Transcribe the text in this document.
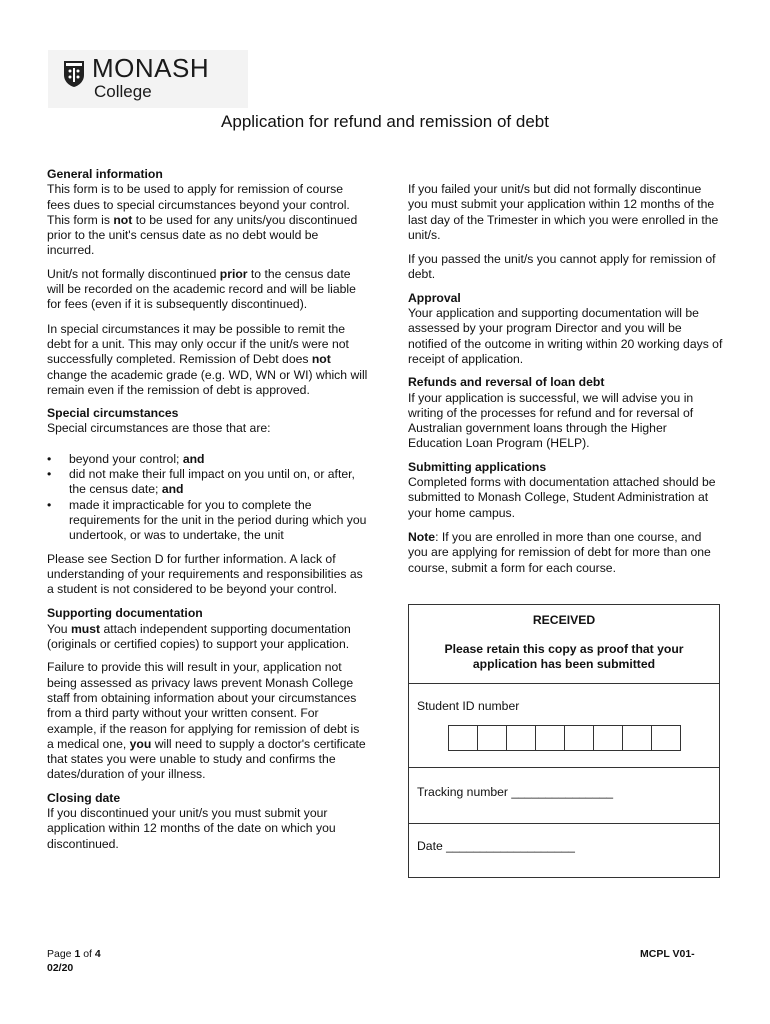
MONASH
College
Application for refund and remission of debt
General information

This form is to be used to apply for remission of course fees dues to special circumstances beyond your control. This form is not to be used for any units/you discontinued prior to the unit's census date as no debt would be incurred.

Unit/s not formally discontinued prior to the census date will be recorded on the academic record and will be liable for fees (even if it is subsequently discontinued).

In special circumstances it may be possible to remit the debt for a unit. This may only occur if the unit/s were not successfully completed. Remission of Debt does not change the academic grade (e.g. WD, WN or WI) which will remain even if the remission of debt is approved.

Special circumstances

Special circumstances are those that are:

• beyond your control; and
• did not make their full impact on you until on, or after, the census date; and
• made it impracticable for you to complete the requirements for the unit in the period during which you undertook, or was to undertake, the unit

Please see Section D for further information. A lack of understanding of your requirements and responsibilities as a student is not considered to be beyond your control.

Supporting documentation

You must attach independent supporting documentation (originals or certified copies) to support your application.

Failure to provide this will result in your, application not being assessed as privacy laws prevent Monash College staff from obtaining information about your circumstances from a third party without your written consent. For example, if the reason for applying for remission of debt is a medical one, you will need to supply a doctor's certificate that states you were unable to study and confirms the dates/duration of your illness.

Closing date

If you discontinued your unit/s you must submit your application within 12 months of the date on which you discontinued.

If you failed your unit/s but did not formally discontinue you must submit your application within 12 months of the last day of the Trimester in which you were enrolled in the unit/s.

If you passed the unit/s you cannot apply for remission of debt.

Approval

Your application and supporting documentation will be assessed by your program Director and you will be notified of the outcome in writing within 20 working days of receipt of application.

Refunds and reversal of loan debt

If your application is successful, we will advise you in writing of the processes for refund and for reversal of Australian government loans through the Higher Education Loan Program (HELP).

Submitting applications

Completed forms with documentation attached should be submitted to Monash College, Student Administration at your home campus.

Note: If you are enrolled in more than one course, and you are applying for remission of debt for more than one course, submit a form for each course.

RECEIVED
Please retain this copy as proof that your application has been submitted
Student ID number
Tracking number _______________
Date ___________________
Page 1 of 4
02/20
MCPL V01-
